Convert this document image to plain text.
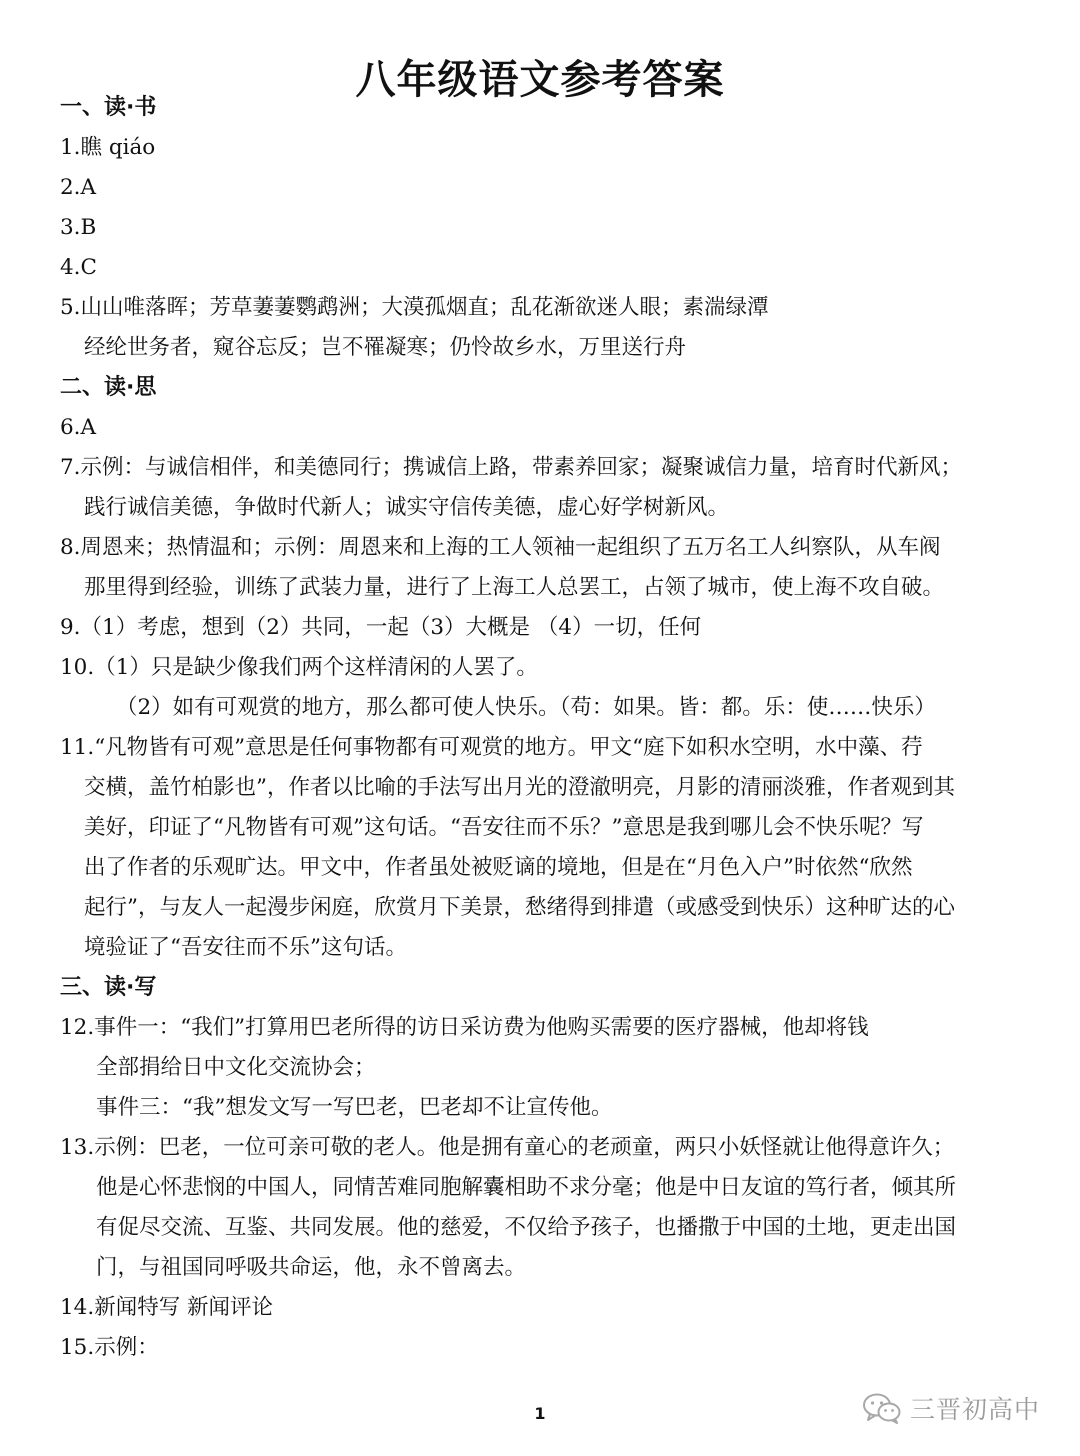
八年级语文参考答案
一、读·书
1.瞧 qiáo
2.A
3.B
4.C
5.山山唯落晖；芳草萋萋鹦鹉洲；大漠孤烟直；乱花渐欲迷人眼；素湍绿潭
经纶世务者，窥谷忘反；岂不罹凝寒；仍怜故乡水，万里送行舟
二、读·思
6.A
7.示例：与诚信相伴，和美德同行；携诚信上路，带素养回家；凝聚诚信力量，培育时代新风；
践行诚信美德，争做时代新人；诚实守信传美德，虚心好学树新风。
8.周恩来；热情温和；示例：周恩来和上海的工人领袖一起组织了五万名工人纠察队，从车阀
那里得到经验，训练了武装力量，进行了上海工人总罢工，占领了城市，使上海不攻自破。
9.（1）考虑，想到（2）共同，一起（3）大概是 （4）一切，任何
10.（1）只是缺少像我们两个这样清闲的人罢了。
（2）如有可观赏的地方，那么都可使人快乐。（苟：如果。皆：都。乐：使……快乐）
11.“凡物皆有可观”意思是任何事物都有可观赏的地方。甲文“庭下如积水空明，水中藻、荇
交横，盖竹柏影也”，作者以比喻的手法写出月光的澄澈明亮，月影的清丽淡雅，作者观到其
美好，印证了“凡物皆有可观”这句话。“吾安往而不乐？”意思是我到哪儿会不快乐呢？写
出了作者的乐观旷达。甲文中，作者虽处被贬谪的境地，但是在“月色入户”时依然“欣然
起行”，与友人一起漫步闲庭，欣赏月下美景，愁绪得到排遣（或感受到快乐）这种旷达的心
境验证了“吾安往而不乐”这句话。
三、读·写
12.事件一：“我们”打算用巴老所得的访日采访费为他购买需要的医疗器械，他却将钱
全部捐给日中文化交流协会；
事件三：“我”想发文写一写巴老，巴老却不让宣传他。
13.示例：巴老，一位可亲可敬的老人。他是拥有童心的老顽童，两只小妖怪就让他得意许久；
他是心怀悲悯的中国人，同情苦难同胞解囊相助不求分毫；他是中日友谊的笃行者，倾其所
有促尽交流、互鉴、共同发展。他的慈爱，不仅给予孩子，也播撒于中国的土地，更走出国
门，与祖国同呼吸共命运，他，永不曾离去。
14.新闻特写 新闻评论
15.示例：
1	三晋初高中
